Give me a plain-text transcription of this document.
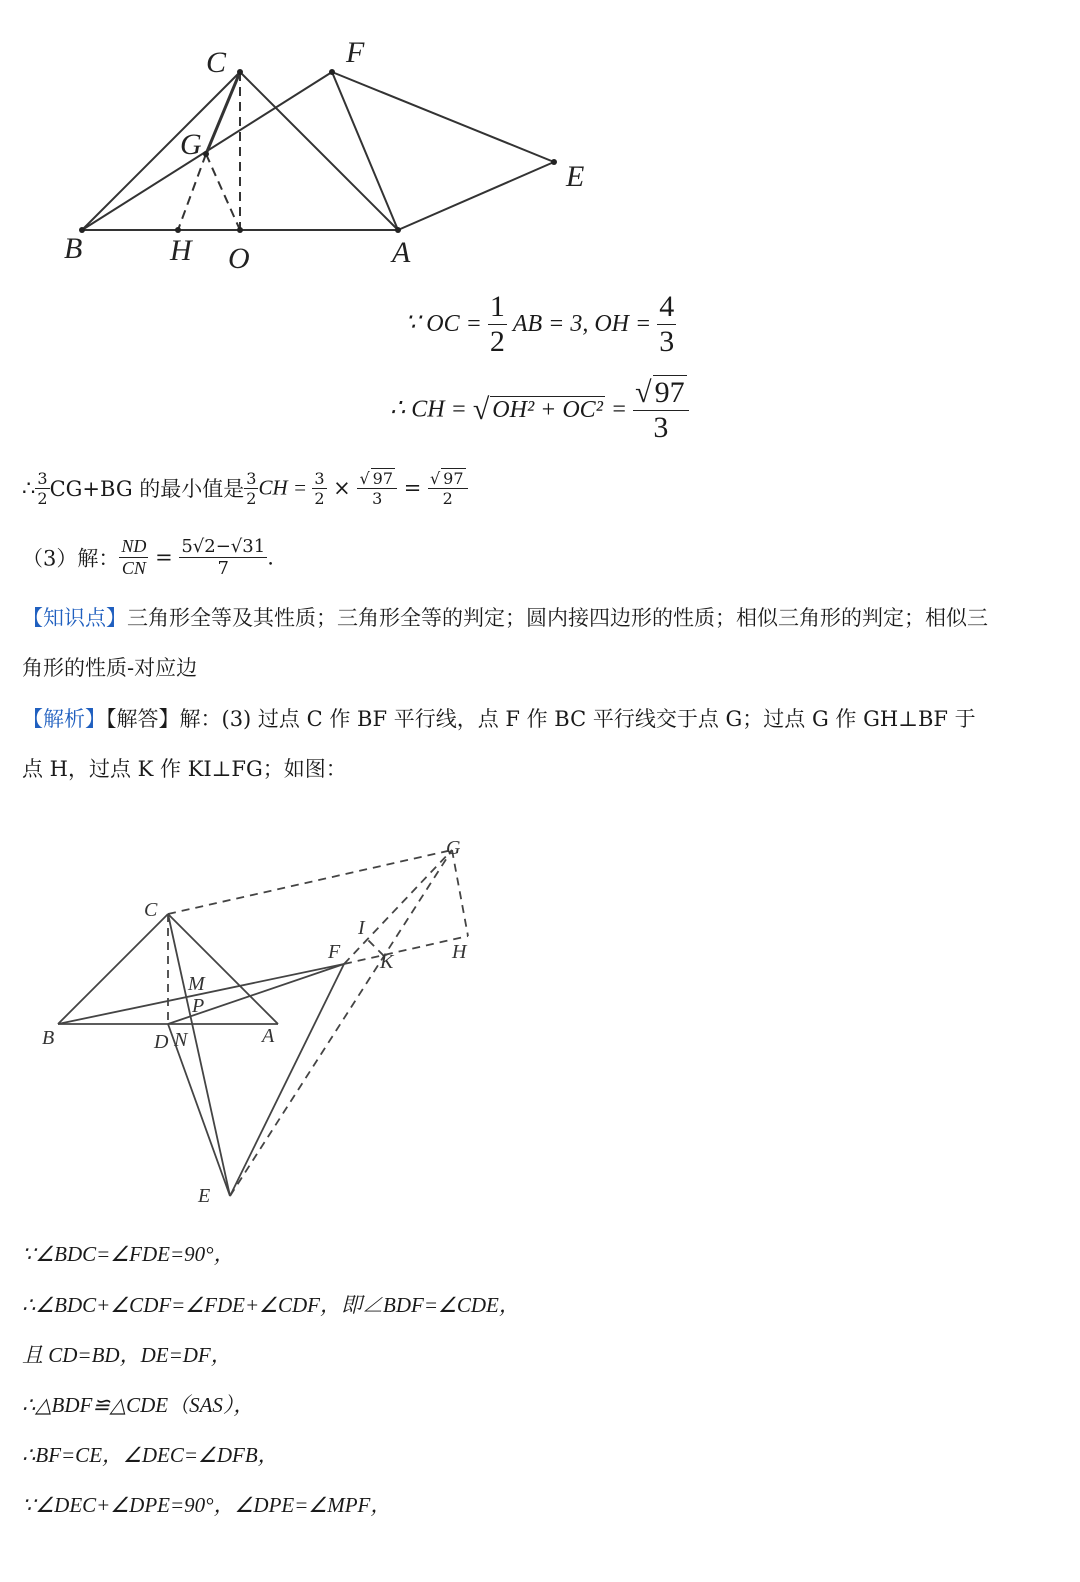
C	F
G
E
B	H O	A
∵ OC = $\frac{1}{2}$ AB = 3, OH = $\frac{4}{3}$
∴ CH = √ $OH^2 + OC^2 = \frac{√ 97}{3}$
∴ $\frac{3}{2} CG+BG$ 的最小值是 $\frac{3}{2}$ CH = $\frac{3}{2} \times \frac{√ 97}{3} = \frac{√ 97}{2}$
（3）解： $\frac{ND}{CN} = \frac{5√2-√31}{7}$ .
【知识点】三角形全等及其性质；三角形全等的判定；圆内接四边形的性质；相似三角形的判定；相似三
角形的性质-对应边
【解析】【解答】解：(3) 过点 C 作 BF 平行线，点 F 作 BC 平行线交于点 G；过点 G 作 GH⊥BF 于
点 H，过点 K 作 KI⊥FG；如图：
G
C
I
F K	H
M
P
B	D N	A
E
∵∠BDC=∠FDE=90°，
∴∠BDC+∠CDF=∠FDE+∠CDF，即∠BDF=∠CDE，
且 CD=BD，DE=DF，
∴△BDF≌△CDE（SAS），
∴BF=CE，∠DEC=∠DFB，
∵∠DEC+∠DPE=90°，∠DPE=∠MPF，
